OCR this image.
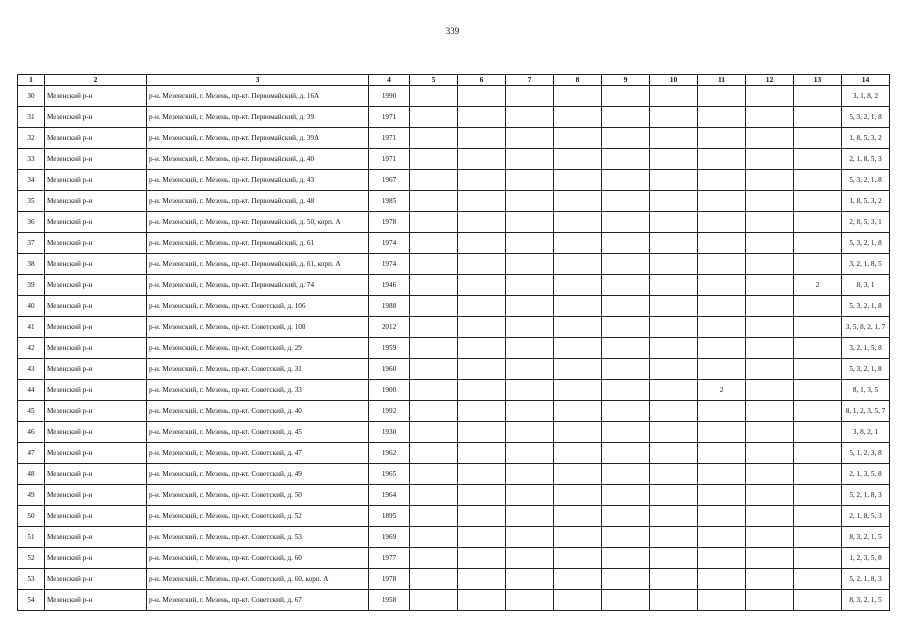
339
1	2	3	4	5	6	7	8	9	10	11	12	13	14
30	Мезенский р-н	р-н. Мезенский, г. Мезень, пр-кт. Первомайский, д. 16А	1990										3, 1, 8, 2
31	Мезенский р-н	р-н. Мезенский, г. Мезень, пр-кт. Первомайский, д. 39	1971										5, 3, 2, 1, 8
32	Мезенский р-н	р-н. Мезенский, г. Мезень, пр-кт. Первомайский, д. 39А	1971										1, 8, 5, 3, 2
33	Мезенский р-н	р-н. Мезенский, г. Мезень, пр-кт. Первомайский, д. 40	1971										2, 1, 8, 5, 3
34	Мезенский р-н	р-н. Мезенский, г. Мезень, пр-кт. Первомайский, д. 43	1967										5, 3, 2, 1, 8
35	Мезенский р-н	р-н. Мезенский, г. Мезень, пр-кт. Первомайский, д. 48	1985										1, 8, 5, 3, 2
36	Мезенский р-н	р-н. Мезенский, г. Мезень, пр-кт. Первомайский, д. 50, корп. А	1978										2, 8, 5, 3, 1
37	Мезенский р-н	р-н. Мезенский, г. Мезень, пр-кт. Первомайский, д. 61	1974										5, 3, 2, 1, 8
38	Мезенский р-н	р-н. Мезенский, г. Мезень, пр-кт. Первомайский, д. 61, корп. А	1974										3, 2, 1, 8, 5
39	Мезенский р-н	р-н. Мезенский, г. Мезень, пр-кт. Первомайский, д. 74	1946									2	8, 3, 1
40	Мезенский р-н	р-н. Мезенский, г. Мезень, пр-кт. Советский, д. 106	1988										5, 3, 2, 1, 8
41	Мезенский р-н	р-н. Мезенский, г. Мезень, пр-кт. Советский, д. 108	2012										3, 5, 8, 2, 1, 7
42	Мезенский р-н	р-н. Мезенский, г. Мезень, пр-кт. Советский, д. 29	1959										3, 2, 1, 5, 8
43	Мезенский р-н	р-н. Мезенский, г. Мезень, пр-кт. Советский, д. 31	1960										5, 3, 2, 1, 8
44	Мезенский р-н	р-н. Мезенский, г. Мезень, пр-кт. Советский, д. 33	1900							2			8, 1, 3, 5
45	Мезенский р-н	р-н. Мезенский, г. Мезень, пр-кт. Советский, д. 40	1992										8, 1, 2, 3, 5, 7
46	Мезенский р-н	р-н. Мезенский, г. Мезень, пр-кт. Советский, д. 45	1930										3, 8, 2, 1
47	Мезенский р-н	р-н. Мезенский, г. Мезень, пр-кт. Советский, д. 47	1962										5, 1, 2, 3, 8
48	Мезенский р-н	р-н. Мезенский, г. Мезень, пр-кт. Советский, д. 49	1965										2, 1, 3, 5, 8
49	Мезенский р-н	р-н. Мезенский, г. Мезень, пр-кт. Советский, д. 50	1964										5, 2, 1, 8, 3
50	Мезенский р-н	р-н. Мезенский, г. Мезень, пр-кт. Советский, д. 52	1895										2, 1, 8, 5, 3
51	Мезенский р-н	р-н. Мезенский, г. Мезень, пр-кт. Советский, д. 53	1969										8, 3, 2, 1, 5
52	Мезенский р-н	р-н. Мезенский, г. Мезень, пр-кт. Советский, д. 60	1977										1, 2, 3, 5, 8
53	Мезенский р-н	р-н. Мезенский, г. Мезень, пр-кт. Советский, д. 60, корп. А	1978										5, 2, 1, 8, 3
54	Мезенский р-н	р-н. Мезенский, г. Мезень, пр-кт. Советский, д. 67	1958										8, 3, 2, 1, 5
